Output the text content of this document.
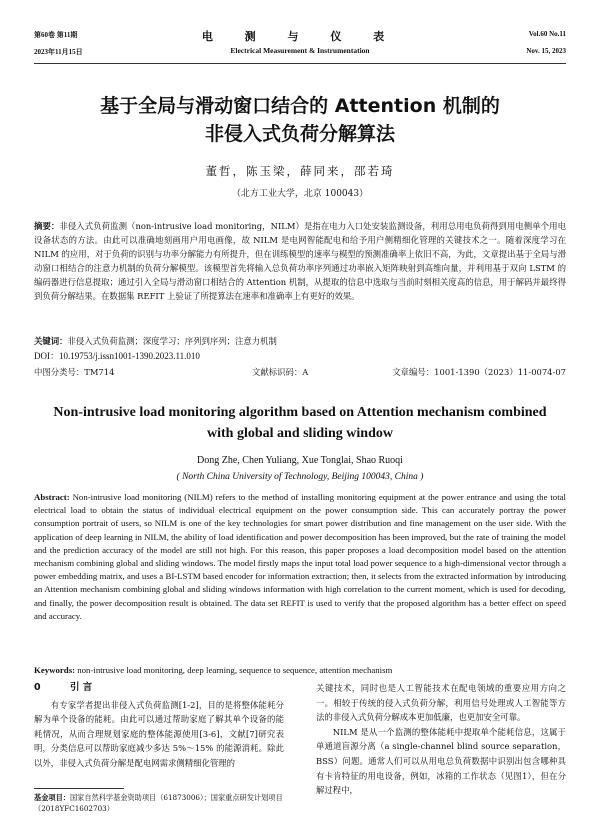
第60卷 第11期
2023年11月15日
电 测 与 仪 表
Electrical Measurement & Instrumentation
Vol.60 No.11
Nov. 15, 2023
基于全局与滑动窗口结合的 Attention 机制的
非侵入式负荷分解算法
董哲，陈玉梁，薛同来，邵若琦
（北方工业大学，北京 100043）
摘要：非侵入式负荷监测（non-intrusive load monitoring，NILM）是指在电力入口处安装监测设备，利用总用电负荷得到用电侧单个用电设备状态的方法。由此可以准确地刻画用户用电画像，故 NILM 是电网智能配电和给予用户侧精细化管理的关键技术之一。随着深度学习在 NILM 的应用，对于负荷的识别与功率分解能力有所提升，但在训练模型的速率与模型的预测准确率上依旧不高，为此，文章提出基于全局与滑动窗口相结合的注意力机制的负荷分解模型。该模型首先将输入总负荷功率序列通过功率嵌入矩阵映射到高维向量，并利用基于双向 LSTM 的编码器进行信息提取；通过引入全局与滑动窗口相结合的 Attention 机制，从提取的信息中选取与当前时刻相关度高的信息，用于解码并最终得到负荷分解结果。在数据集 REFIT 上验证了所提算法在速率和准确率上有更好的效果。
关键词：非侵入式负荷监测；深度学习；序列到序列；注意力机制
DOI：10.19753/j.issn1001-1390.2023.11.010
中图分类号：TM714	文献标识码：A	文章编号：1001-1390（2023）11-0074-07
Non-intrusive load monitoring algorithm based on Attention mechanism combined
with global and sliding window
Dong Zhe, Chen Yuliang, Xue Tonglai, Shao Ruoqi
( North China University of Technology, Beijing 100043, China )
Abstract: Non-intrusive load monitoring (NILM) refers to the method of installing monitoring equipment at the power entrance and using the total electrical load to obtain the status of individual electrical equipment on the power consumption side. This can accurately portray the power consumption portrait of users, so NILM is one of the key technologies for smart power distribution and fine management on the user side. With the application of deep learning in NILM, the ability of load identification and power decomposition has been improved, but the rate of training the model and the prediction accuracy of the model are still not high. For this reason, this paper proposes a load decomposition model based on the attention mechanism combining global and sliding windows. The model firstly maps the input total load power sequence to a high-dimensional vector through a power embedding matrix, and uses a BI-LSTM based encoder for information extraction; then, it selects from the extracted information by introducing an Attention mechanism combining global and sliding windows information with high correlation to the current moment, which is used for decoding, and finally, the power decomposition result is obtained. The data set REFIT is used to verify that the proposed algorithm has a better effect on speed and accuracy.
Keywords: non-intrusive load monitoring, deep learning, sequence to sequence, attention mechanism
0	引 言
有专家学者提出非侵入式负荷监测[1-2]，目的是将整体能耗分解为单个设备的能耗。由此可以通过帮助家庭了解其单个设备的能耗情况，从而合理规划家庭的整体能源使用[3-6]，文献[7]研究表明，分类信息可以帮助家庭减少多达 5%～15% 的能源消耗。除此以外，非侵入式负荷分解是配电网需求侧精细化管理的
关键技术，同时也是人工智能技术在配电领域的重要应用方向之一。相较于传统的侵入式负荷分解，利用信号处理或人工智能等方法的非侵入式负荷分解成本更加低廉，也更加安全可靠。
NILM 是从一个监测的整体能耗中提取单个能耗信息，这属于单通道盲源分离（a single-channel blind source separation，BSS）问题。通常人们可以从用电总负荷数据中识别出包含哪种具有卡肯特征的用电设备，例如，冰箱的工作状态（见图1），但在分解过程中，
基金项目：国家自然科学基金资助项目（61873006）；国家重点研发计划项目（2018YFC1602703）
